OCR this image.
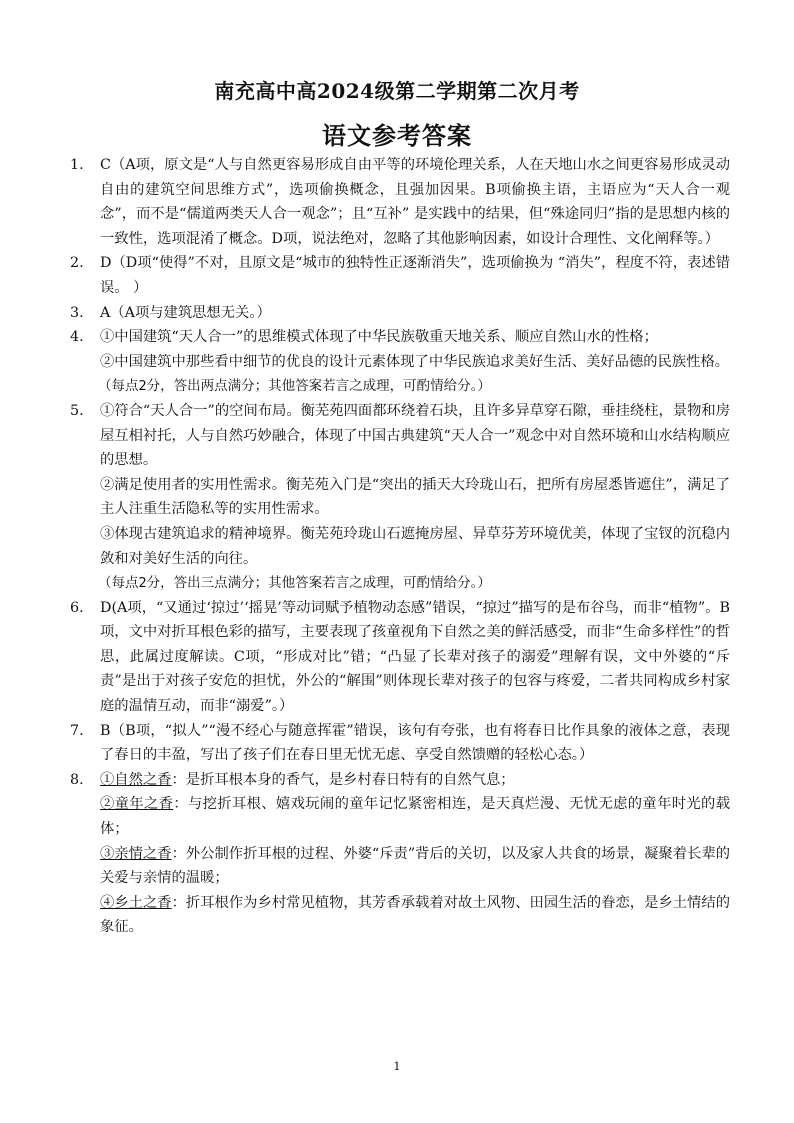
南充高中高2024级第二学期第二次月考
语文参考答案
1. C（A项，原文是“人与自然更容易形成自由平等的环境伦理关系，人在天地山水之间更容易形成灵动自由的建筑空间思维方式”，选项偷换概念，且强加因果。B项偷换主语，主语应为“天人合一观念”，而不是“儒道两类天人合一观念”；且“互补” 是实践中的结果，但“殊途同归”指的是思想内核的一致性，选项混淆了概念。D项，说法绝对，忽略了其他影响因素，如设计合理性、文化阐释等。）
2. D（D项“使得”不对，且原文是“城市的独特性正逐渐消失”，选项偷换为 “消失”，程度不符，表述错误。 ）
3. A（A项与建筑思想无关。）
4. ①中国建筑“天人合一”的思维模式体现了中华民族敬重天地关系、顺应自然山水的性格；
②中国建筑中那些看中细节的优良的设计元素体现了中华民族追求美好生活、美好品德的民族性格。
（每点2分，答出两点满分；其他答案若言之成理，可酌情给分。）
5. ①符合“天人合一”的空间布局。衡芜苑四面都环绕着石块，且许多异草穿石隙，垂挂绕柱，景物和房屋互相衬托，人与自然巧妙融合，体现了中国古典建筑“天人合一”观念中对自然环境和山水结构顺应的思想。
②满足使用者的实用性需求。衡芜苑入门是“突出的插天大玲珑山石，把所有房屋悉皆遮住”，满足了主人注重生活隐私等的实用性需求。
③体现古建筑追求的精神境界。衡芜苑玲珑山石遮掩房屋、异草芬芳环境优美，体现了宝钗的沉稳内敛和对美好生活的向往。
（每点2分，答出三点满分；其他答案若言之成理，可酌情给分。）
6. D(A项，“又通过‘掠过’‘摇晃’等动词赋予植物动态感”错误，“掠过”描写的是布谷鸟，而非“植物”。B项，文中对折耳根色彩的描写，主要表现了孩童视角下自然之美的鲜活感受，而非“生命多样性”的哲思，此属过度解读。C项，“形成对比”错；“凸显了长辈对孩子的溺爱”理解有误，文中外婆的“斥责”是出于对孩子安危的担忧，外公的“解围”则体现长辈对孩子的包容与疼爱，二者共同构成乡村家庭的温情互动，而非“溺爱”。）
7. B（B项，“拟人”“漫不经心与随意挥霍”错误，该句有夸张，也有将春日比作具象的液体之意，表现了春日的丰盈，写出了孩子们在春日里无忧无虑、享受自然馈赠的轻松心态。）
8. ①自然之香：是折耳根本身的香气，是乡村春日特有的自然气息；
②童年之香：与挖折耳根、嬉戏玩闹的童年记忆紧密相连，是天真烂漫、无忧无虑的童年时光的载体；
③亲情之香：外公制作折耳根的过程、外婆“斥责”背后的关切，以及家人共食的场景，凝聚着长辈的关爱与亲情的温暖；
④乡土之香：折耳根作为乡村常见植物，其芳香承载着对故土风物、田园生活的眷恋，是乡土情结的象征。
1
